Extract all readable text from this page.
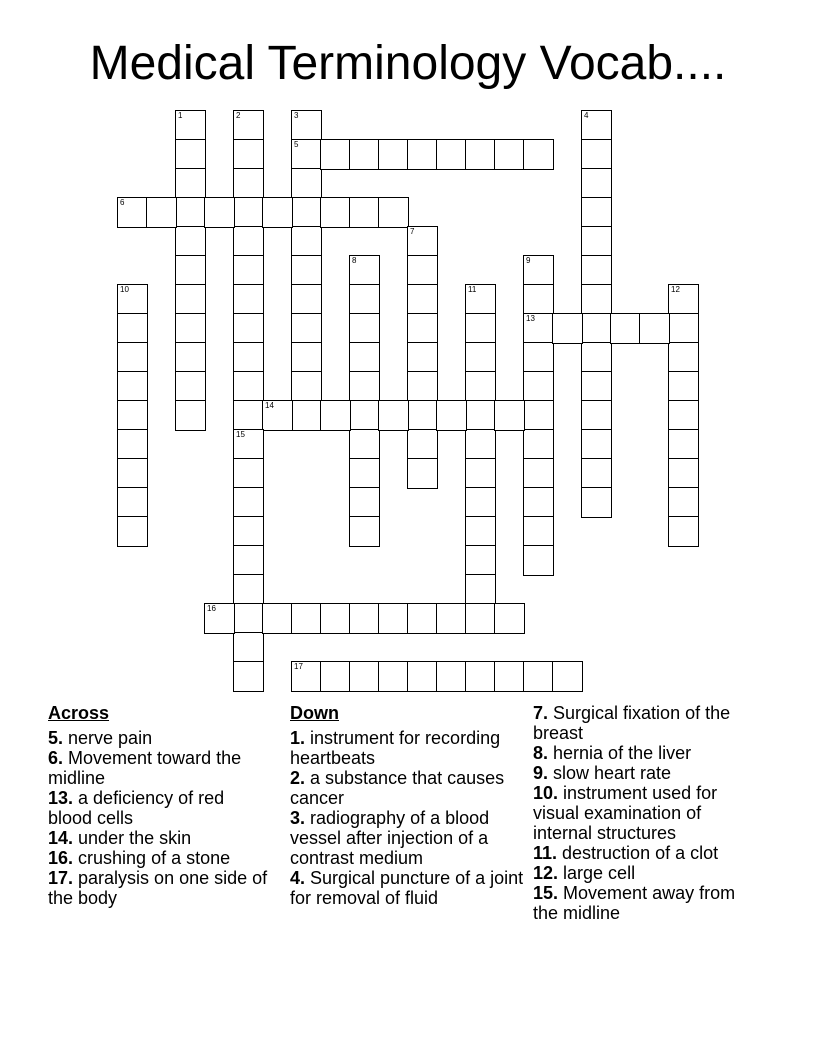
Medical Terminology Vocab....
1	2	3
5
4
6
7
8	9
13
10	11	12
14
15
16
17
Across
5. nerve pain
6. Movement toward the midline
13. a deficiency of red blood cells
14. under the skin
16. crushing of a stone
17. paralysis on one side of the body
Down
1. instrument for recording heartbeats
2. a substance that causes cancer
3. radiography of a blood vessel after injection of a contrast medium
4. Surgical puncture of a joint for removal of fluid
7. Surgical fixation of the breast
8. hernia of the liver
9. slow heart rate
10. instrument used for visual examination of internal structures
11. destruction of a clot
12. large cell
15. Movement away from the midline
